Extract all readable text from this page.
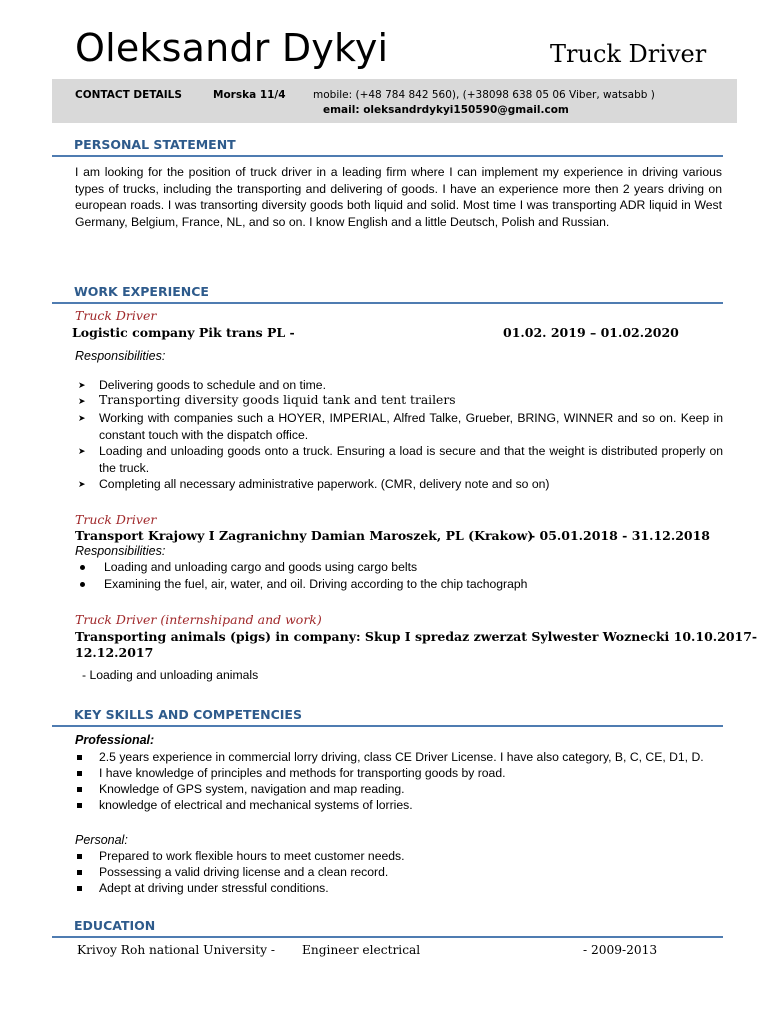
Oleksandr Dykyi	Truck Driver
CONTACT DETAILS	Morska 11/4	mobile: (+48 784 842 560), (+38098 638 05 06 Viber, watsabb )
email: oleksandrdykyi150590@gmail.com
PERSONAL STATEMENT
I am looking for the position of truck driver in a leading firm where I can implement my experience in driving various types of trucks, including the transporting and delivering of goods. I have an experience more then 2 years driving on european roads. I was transorting diversity goods both liquid and solid. Most time I was transporting ADR liquid in West Germany, Belgium, France, NL, and so on. I know English and a little Deutsch, Polish and Russian.
WORK EXPERIENCE
Truck Driver
Logistic company Pik trans PL -	01.02. 2019 – 01.02.2020
Responsibilities:
➤ Delivering goods to schedule and on time.
➤ Transporting diversity goods liquid tank and tent trailers
➤ Working with companies such a HOYER, IMPERIAL, Alfred Talke, Grueber, BRING, WINNER and so on. Keep in constant touch with the dispatch office.
➤ Loading and unloading goods onto a truck. Ensuring a load is secure and that the weight is distributed properly on the truck.
➤ Completing all necessary administrative paperwork. (CMR, delivery note and so on)
Truck Driver
Transport Krajowy I Zagranichny Damian Maroszek, PL (Krakow)
- 05.01.2018 - 31.12.2018
Responsibilities:
Loading and unloading cargo and goods using cargo belts
Examining the fuel, air, water, and oil. Driving according to the chip tachograph
Truck Driver (internshipand and work)
Transporting animals (pigs) in company: Skup I spredaz zwerzat Sylwester Woznecki 10.10.2017-
12.12.2017
- Loading and unloading animals
KEY SKILLS AND COMPETENCIES
Professional:
2.5 years experience in commercial lorry driving, class CE Driver License. I have also category, B, C, CE, D1, D.
I have knowledge of principles and methods for transporting goods by road.
Knowledge of GPS system, navigation and map reading.
knowledge of electrical and mechanical systems of lorries.
Personal:
Prepared to work flexible hours to meet customer needs.
Possessing a valid driving license and a clean record.
Adept at driving under stressful conditions.
EDUCATION
Krivoy Roh national University - Engineer electrical	- 2009-2013
